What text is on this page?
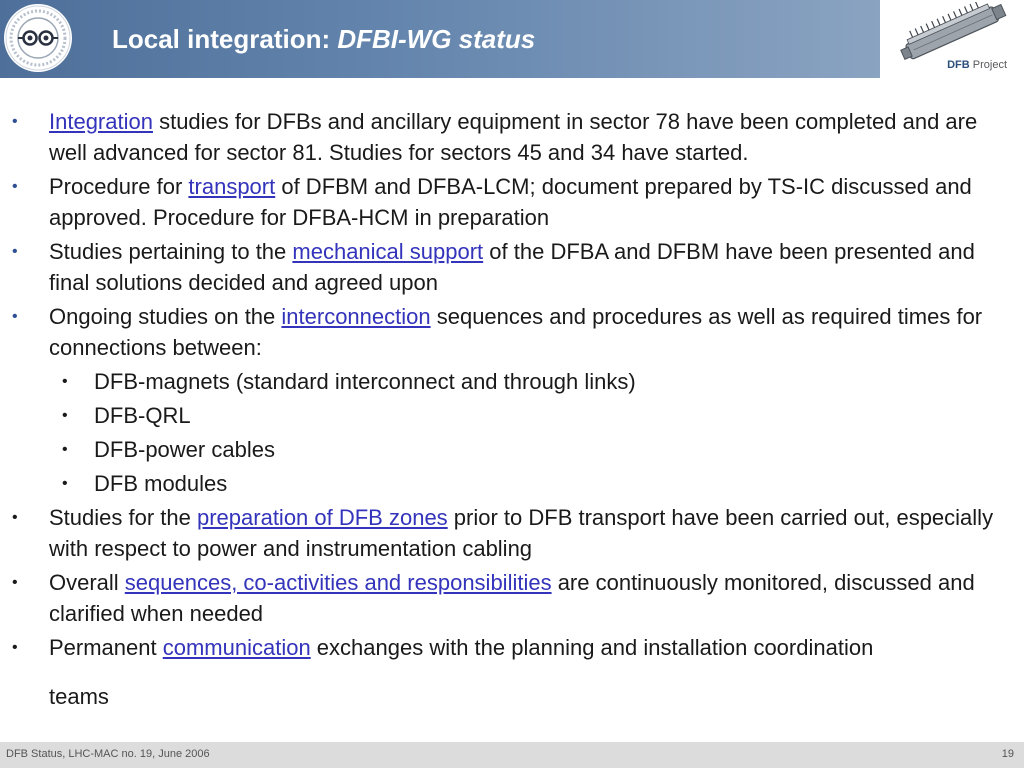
Local integration: DFBI-WG status
DFB Project
• Integration studies for DFBs and ancillary equipment in sector 78 have been completed and are well advanced for sector 81. Studies for sectors 45 and 34 have started.
• Procedure for transport of DFBM and DFBA-LCM; document prepared by TS-IC discussed and approved. Procedure for DFBA-HCM in preparation
• Studies pertaining to the mechanical support of the DFBA and DFBM have been presented and final solutions decided and agreed upon
• Ongoing studies on the interconnection sequences and procedures as well as required times for connections between:
• DFB-magnets (standard interconnect and through links)
• DFB-QRL
• DFB-power cables
• DFB modules
• Studies for the preparation of DFB zones prior to DFB transport have been carried out, especially with respect to power and instrumentation cabling
• Overall sequences, co-activities and responsibilities are continuously monitored, discussed and clarified when needed
• Permanent communication exchanges with the planning and installation coordination
teams
DFB Status, LHC-MAC no. 19, June 2006	19
